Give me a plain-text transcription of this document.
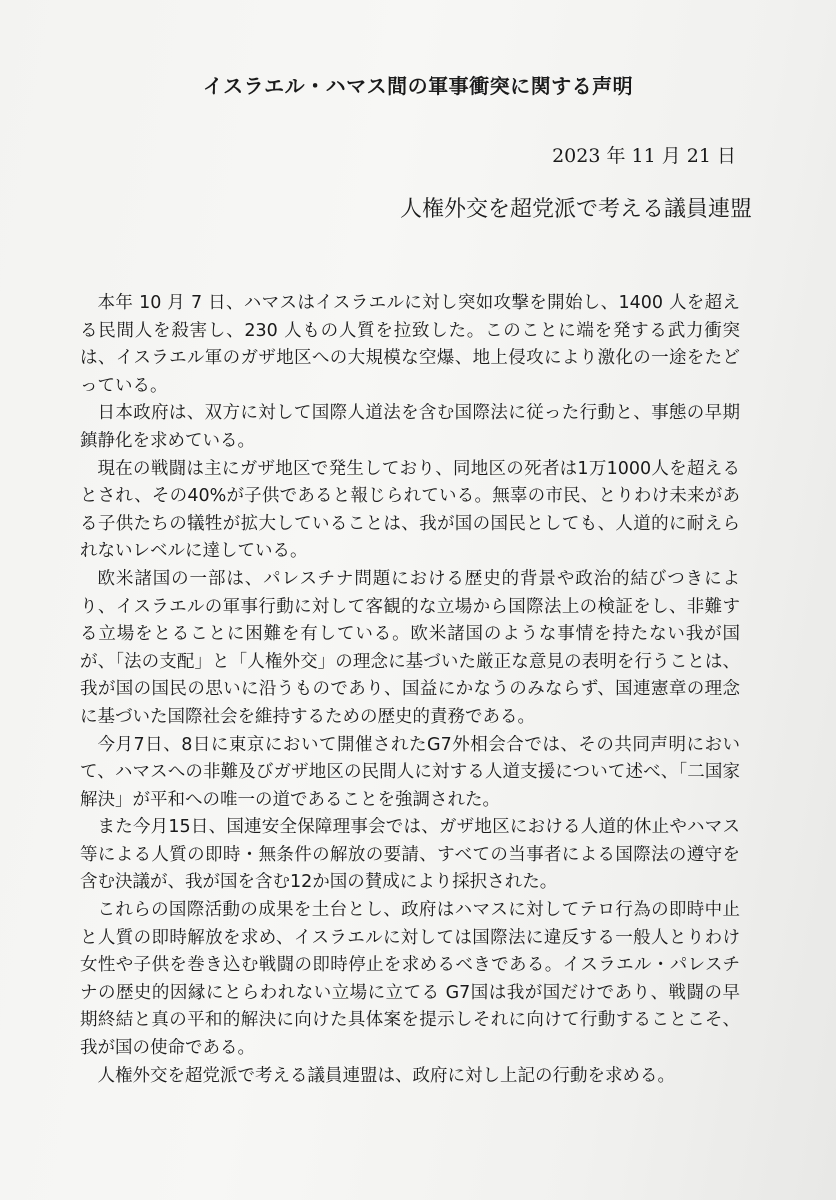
イスラエル・ハマス間の軍事衝突に関する声明
2023 年 11 月 21 日
人権外交を超党派で考える議員連盟

本年 10 月 7 日、ハマスはイスラエルに対し突如攻撃を開始し、1400 人を超える民間人を殺害し、230 人もの人質を拉致した。このことに端を発する武力衝突は、イスラエル軍のガザ地区への大規模な空爆、地上侵攻により激化の一途をたどっている。

日本政府は、双方に対して国際人道法を含む国際法に従った行動と、事態の早期鎮静化を求めている。

現在の戦闘は主にガザ地区で発生しており、同地区の死者は1万1000人を超えるとされ、その40%が子供であると報じられている。無辜の市民、とりわけ未来がある子供たちの犠牲が拡大していることは、我が国の国民としても、人道的に耐えられないレベルに達している。

欧米諸国の一部は、パレスチナ問題における歴史的背景や政治的結びつきにより、イスラエルの軍事行動に対して客観的な立場から国際法上の検証をし、非難する立場をとることに困難を有している。欧米諸国のような事情を持たない我が国が、「法の支配」と「人権外交」の理念に基づいた厳正な意見の表明を行うことは、我が国の国民の思いに沿うものであり、国益にかなうのみならず、国連憲章の理念に基づいた国際社会を維持するための歴史的責務である。

今月7日、8日に東京において開催されたG7外相会合では、その共同声明において、ハマスへの非難及びガザ地区の民間人に対する人道支援について述べ、「二国家解決」が平和への唯一の道であることを強調された。

また今月15日、国連安全保障理事会では、ガザ地区における人道的休止やハマス等による人質の即時・無条件の解放の要請、すべての当事者による国際法の遵守を含む決議が、我が国を含む12か国の賛成により採択された。

これらの国際活動の成果を土台とし、政府はハマスに対してテロ行為の即時中止と人質の即時解放を求め、イスラエルに対しては国際法に違反する一般人とりわけ女性や子供を巻き込む戦闘の即時停止を求めるべきである。イスラエル・パレスチナの歴史的因縁にとらわれない立場に立てる G7国は我が国だけであり、戦闘の早期終結と真の平和的解決に向けた具体案を提示しそれに向けて行動することこそ、我が国の使命である。

人権外交を超党派で考える議員連盟は、政府に対し上記の行動を求める。
